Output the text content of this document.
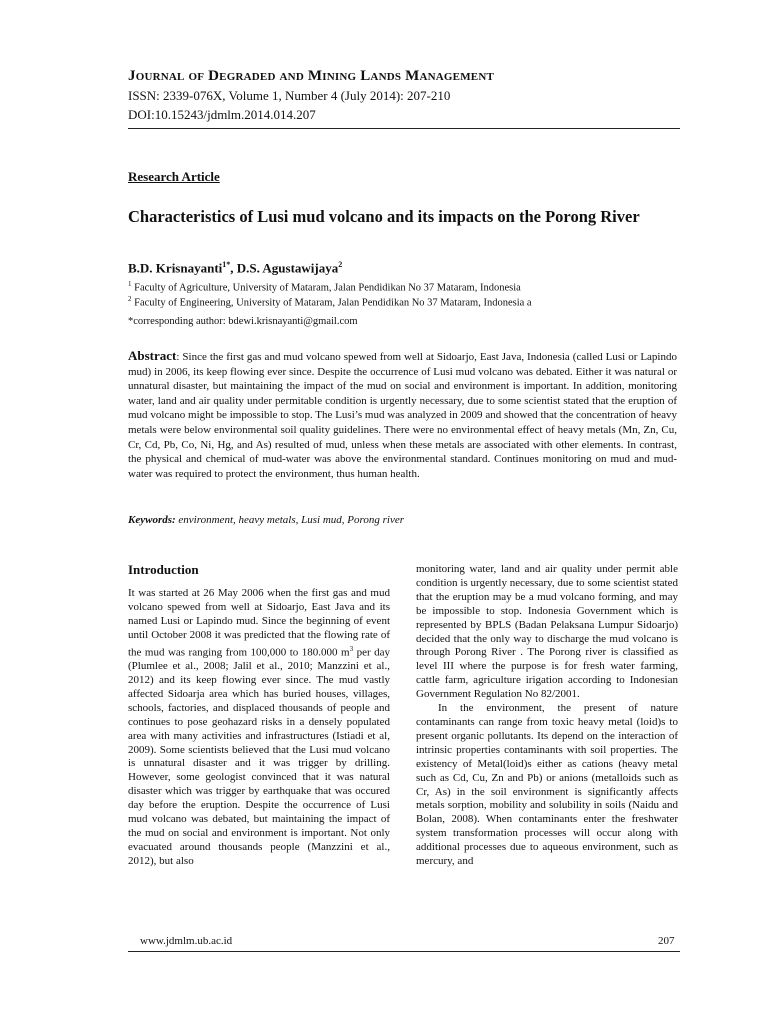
Journal of Degraded and Mining Lands Management
ISSN: 2339-076X, Volume 1, Number 4 (July 2014): 207-210
DOI:10.15243/jdmlm.2014.014.207
Research Article
Characteristics of Lusi mud volcano and its impacts on the Porong River
B.D. Krisnayanti$^{1*}$, D.S. Agustawijaya$^2$
$^1$ Faculty of Agriculture, University of Mataram, Jalan Pendidikan No 37 Mataram, Indonesia
$^2$ Faculty of Engineering, University of Mataram, Jalan Pendidikan No 37 Mataram, Indonesia a
*corresponding author: bdewi.krisnayanti@gmail.com

Abstract: Since the first gas and mud volcano spewed from well at Sidoarjo, East Java, Indonesia (called Lusi or Lapindo mud) in 2006, its keep flowing ever since. Despite the occurrence of Lusi mud volcano was debated. Either it was natural or unnatural disaster, but maintaining the impact of the mud on social and environment is important. In addition, monitoring water, land and air quality under permitable condition is urgently necessary, due to some scientist stated that the eruption of mud volcano might be impossible to stop. The Lusi’s mud was analyzed in 2009 and showed that the concentration of heavy metals were below environmental soil quality guidelines. There were no environmental effect of heavy metals (Mn, Zn, Cu, Cr, Cd, Pb, Co, Ni, Hg, and As) resulted of mud, unless when these metals are associated with other elements. In contrast, the physical and chemical of mud-water was above the environmental standard. Continues monitoring on mud and mud-water was required to protect the environment, thus human health.

Keywords: environment, heavy metals, Lusi mud, Porong river
Introduction

It was started at 26 May 2006 when the first gas and mud volcano spewed from well at Sidoarjo, East Java and its named Lusi or Lapindo mud. Since the beginning of event until October 2008 it was predicted that the flowing rate of the mud was ranging from 100,000 to 180.000 $m^3$ per day (Plumlee et al., 2008; Jalil et al., 2010; Manzzini et al., 2012) and its keep flowing ever since. The mud vastly affected Sidoarja area which has buried houses, villages, schools, factories, and displaced thousands of people and continues to pose geohazard risks in a densely populated area with many activities and infrastructures (Istiadi et al, 2009). Some scientists believed that the Lusi mud volcano is unnatural disaster and it was trigger by drilling. However, some geologist convinced that it was natural disaster which was trigger by earthquake that was occured day before the eruption. Despite the occurrence of Lusi mud volcano was debated, but maintaining the impact of the mud on social and environment is important. Not only evacuated around thousands people (Manzzini et al., 2012), but also

monitoring water, land and air quality under permit able condition is urgently necessary, due to some scientist stated that the eruption may be a mud volcano forming, and may be impossible to stop. Indonesia Government which is represented by BPLS (Badan Pelaksana Lumpur Sidoarjo) decided that the only way to discharge the mud volcano is through Porong River . The Porong river is classified as level III where the purpose is for fresh water farming, cattle farm, agriculture irigation according to Indonesian Government Regulation No 82/2001.

In the environment, the present of nature contaminants can range from toxic heavy metal (loid)s to present organic pollutants. Its depend on the interaction of intrinsic properties contaminants with soil properties. The existency of Metal(loid)s either as cations (heavy metal such as Cd, Cu, Zn and Pb) or anions (metalloids such as Cr, As) in the soil environment is significantly affects metals sorption, mobility and solubility in soils (Naidu and Bolan, 2008). When contaminants enter the freshwater system transformation processes will occur along with additional processes due to aqueous environment, such as mercury, and

www.jdmlm.ub.ac.id	207
